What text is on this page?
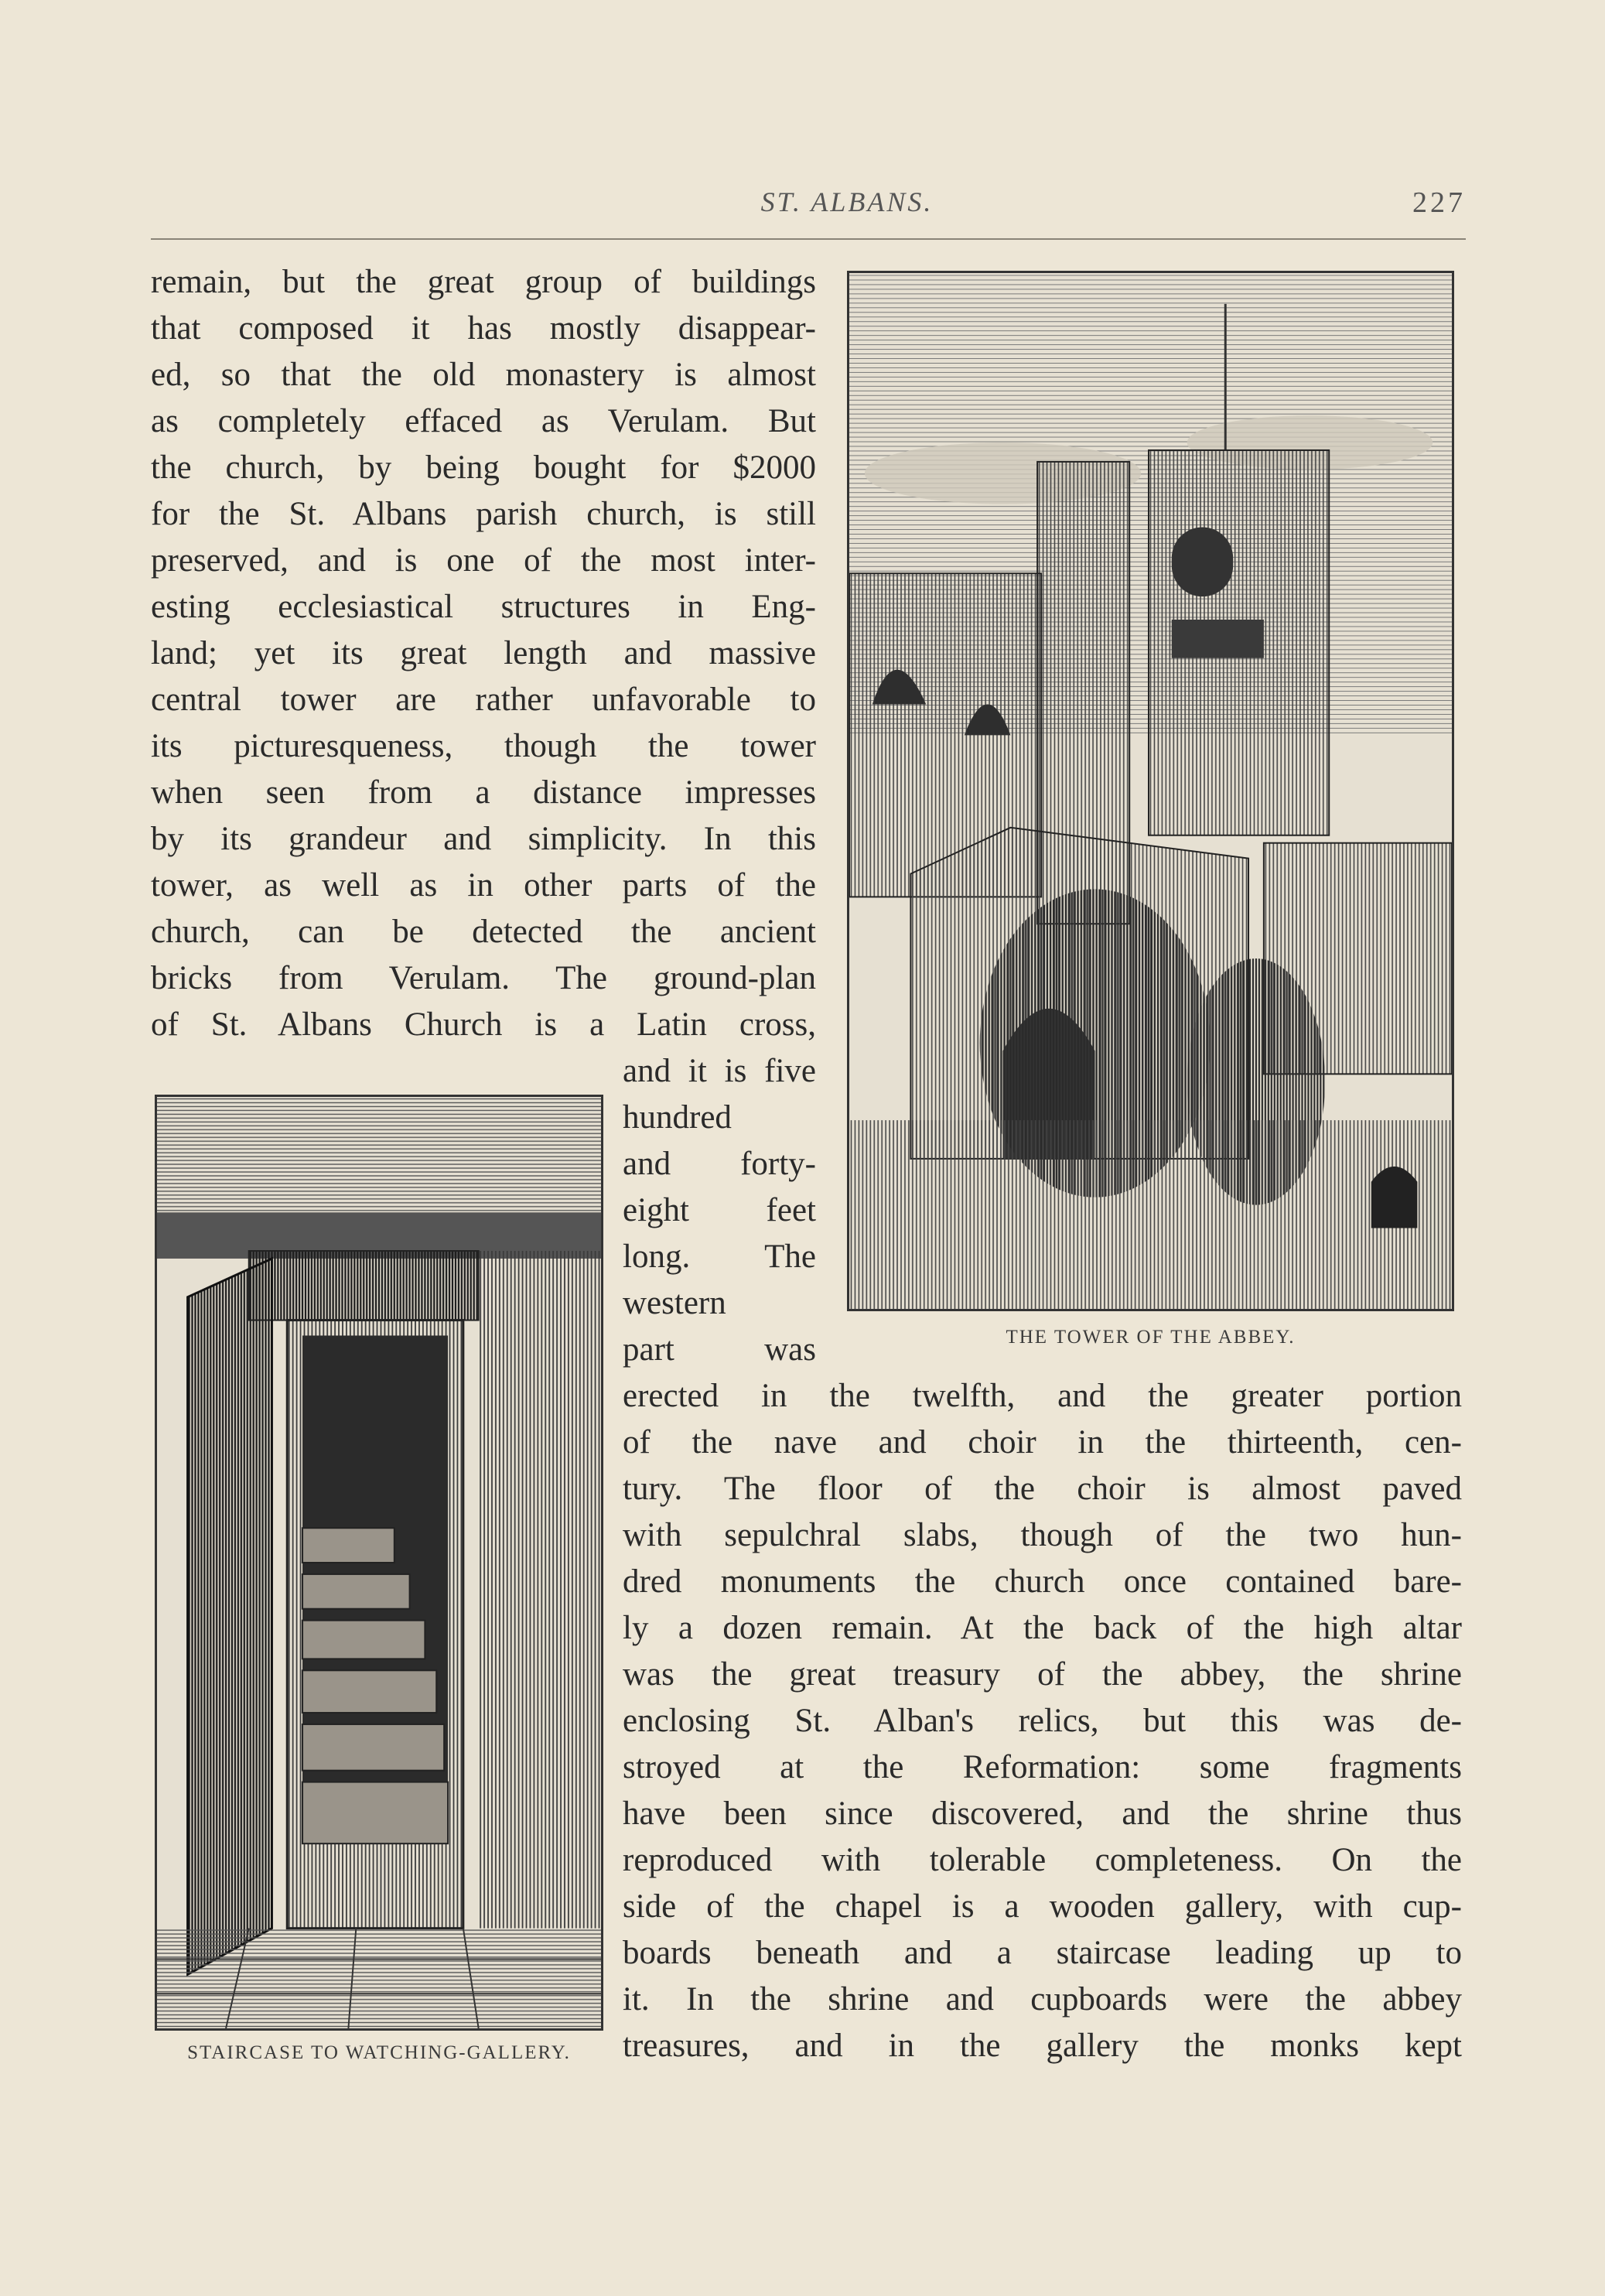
ST. ALBANS.	227
THE TOWER OF THE ABBEY.
STAIRCASE TO WATCHING-GALLERY.
remain, but the great group of buildings
that composed it has mostly disappear-
ed, so that the old monastery is almost
as completely effaced as Verulam. But
the church, by being bought for $2000
for the St. Albans parish church, is still
preserved, and is one of the most inter-
esting ecclesiastical structures in Eng-
land; yet its great length and massive
central tower are rather unfavorable to
its picturesqueness, though the tower
when seen from a distance impresses
by its grandeur and simplicity. In this
tower, as well as in other parts of the
church, can be detected the ancient
bricks from Verulam. The ground-plan
of St. Albans Church is a Latin cross,
and it is five
hundred
and forty-
eight feet
long. The
western
part was
erected in the twelfth, and the greater portion
of the nave and choir in the thirteenth, cen-
tury. The floor of the choir is almost paved
with sepulchral slabs, though of the two hun-
dred monuments the church once contained bare-
ly a dozen remain. At the back of the high altar
was the great treasury of the abbey, the shrine
enclosing St. Alban's relics, but this was de-
stroyed at the Reformation: some fragments
have been since discovered, and the shrine thus
reproduced with tolerable completeness. On the
side of the chapel is a wooden gallery, with cup-
boards beneath and a staircase leading up to
it. In the shrine and cupboards were the abbey
treasures, and in the gallery the monks kept
